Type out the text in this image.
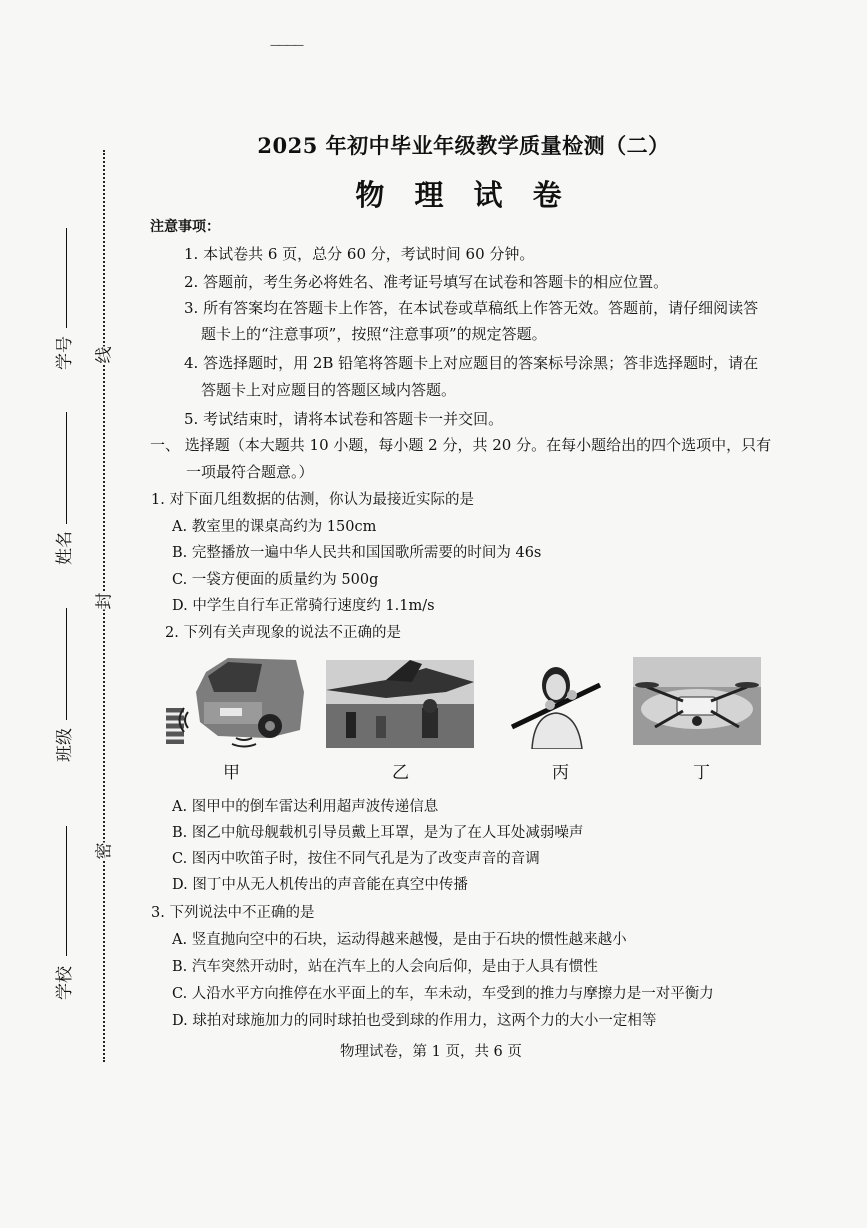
————
学号
姓名
班级
学校
线
封
密
2025 年初中毕业年级教学质量检测（二）
物 理 试 卷
注意事项：
1. 本试卷共 6 页，总分 60 分，考试时间 60 分钟。
2. 答题前，考生务必将姓名、准考证号填写在试卷和答题卡的相应位置。
3. 所有答案均在答题卡上作答，在本试卷或草稿纸上作答无效。答题前，请仔细阅读答
题卡上的“注意事项”，按照“注意事项”的规定答题。
4. 答选择题时，用 2B 铅笔将答题卡上对应题目的答案标号涂黑；答非选择题时，请在
答题卡上对应题目的答题区域内答题。
5. 考试结束时，请将本试卷和答题卡一并交回。
一、 选择题（本大题共 10 小题，每小题 2 分，共 20 分。在每小题给出的四个选项中，只有
一项最符合题意。）
1. 对下面几组数据的估测，你认为最接近实际的是
A. 教室里的课桌高约为 150cm
B. 完整播放一遍中华人民共和国国歌所需要的时间为 46s
C. 一袋方便面的质量约为 500g
D. 中学生自行车正常骑行速度约 1.1m/s
2. 下列有关声现象的说法不正确的是
甲	乙	丙	丁
A. 图甲中的倒车雷达利用超声波传递信息
B. 图乙中航母舰载机引导员戴上耳罩，是为了在人耳处减弱噪声
C. 图丙中吹笛子时，按住不同气孔是为了改变声音的音调
D. 图丁中从无人机传出的声音能在真空中传播
3. 下列说法中不正确的是
A. 竖直抛向空中的石块，运动得越来越慢，是由于石块的惯性越来越小
B. 汽车突然开动时，站在汽车上的人会向后仰，是由于人具有惯性
C. 人沿水平方向推停在水平面上的车，车未动，车受到的推力与摩擦力是一对平衡力
D. 球拍对球施加力的同时球拍也受到球的作用力，这两个力的大小一定相等
物理试卷，第 1 页，共 6 页
